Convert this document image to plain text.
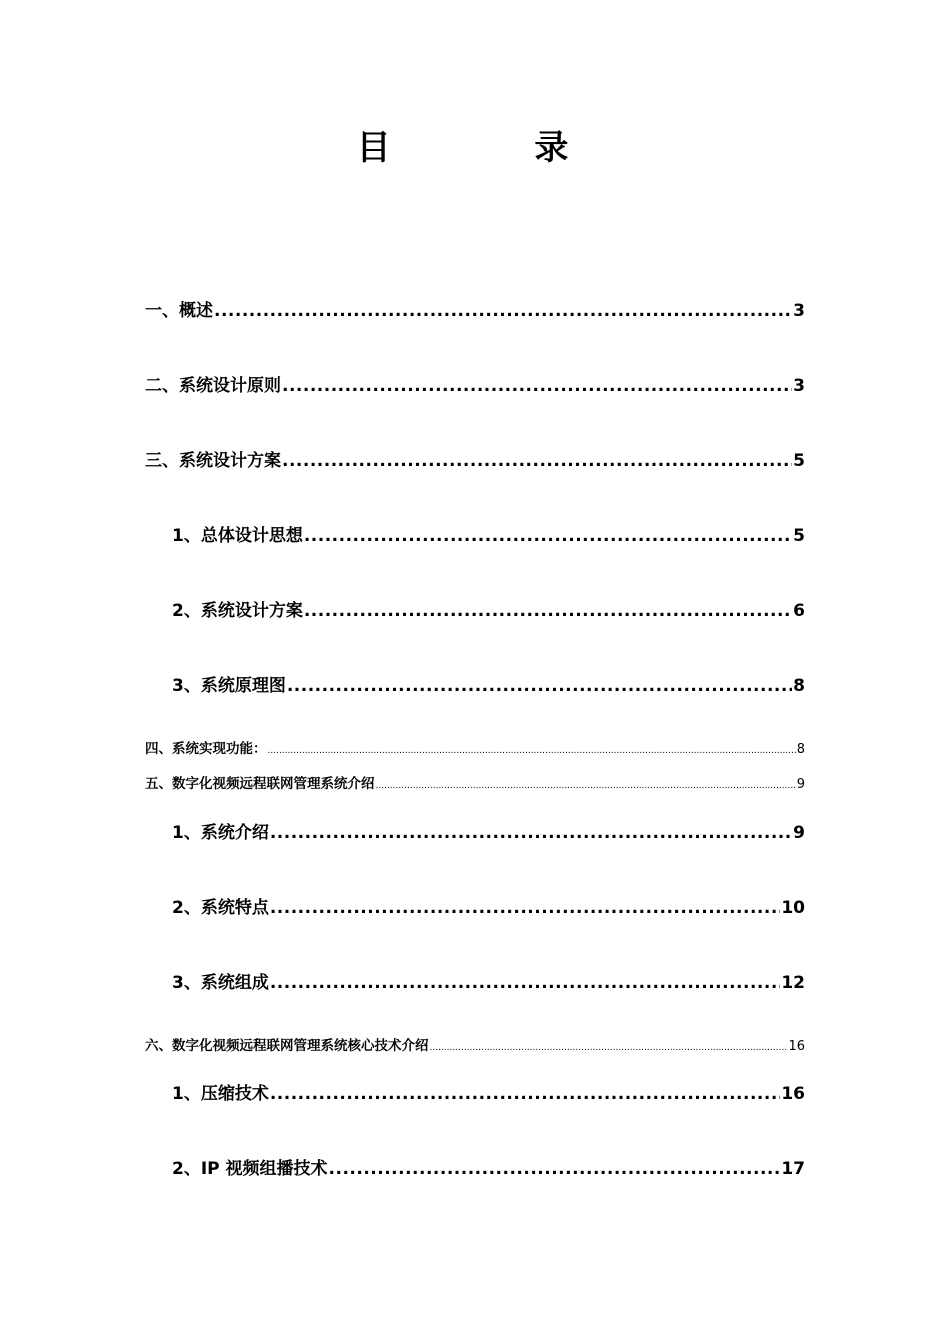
目  录
一、概述 .....	3
二、系统设计原则 .....	3
三、系统设计方案 .....	5
1、总体设计思想 .....	5
2、系统设计方案 .....	6
3、系统原理图 .....	8
四、系统实现功能： .....	8
五、数字化视频远程联网管理系统介绍 .....	9
1、系统介绍 .....	9
2、系统特点 .....	10
3、系统组成 .....	12
六、数字化视频远程联网管理系统核心技术介绍 .....	16
1、压缩技术 .....	16
2、IP 视频组播技术 .....	17
